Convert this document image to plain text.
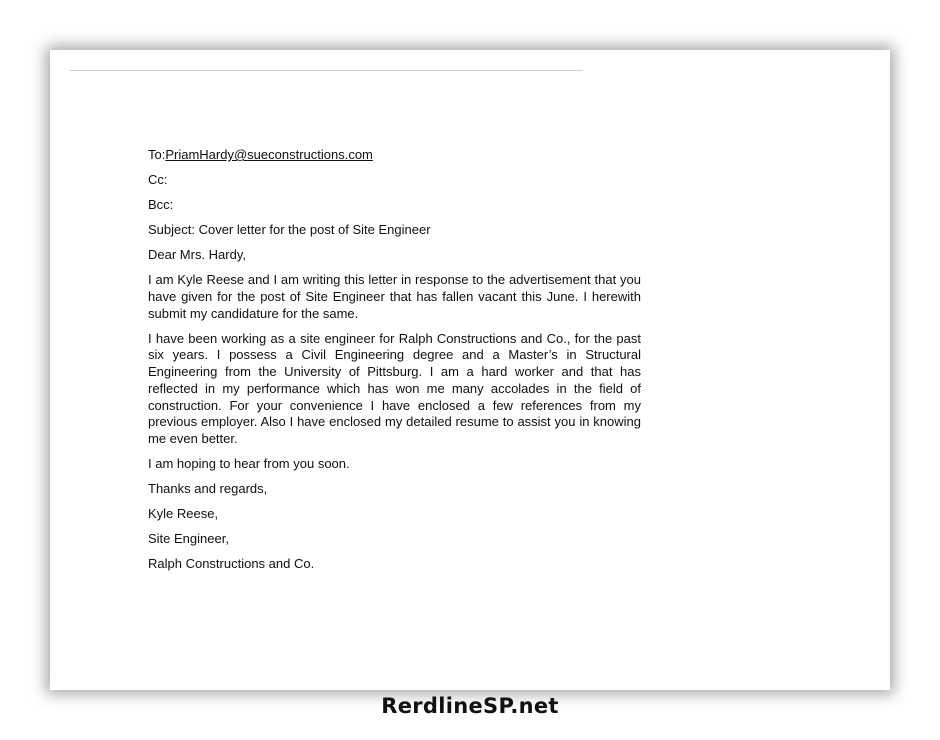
To:PriamHardy@sueconstructions.com

Cc:

Bcc:

Subject: Cover letter for the post of Site Engineer

Dear Mrs. Hardy,

I am Kyle Reese and I am writing this letter in response to the advertisement that you have given for the post of Site Engineer that has fallen vacant this June. I herewith submit my candidature for the same.

I have been working as a site engineer for Ralph Constructions and Co., for the past six years. I possess a Civil Engineering degree and a Master’s in Structural Engineering from the University of Pittsburg. I am a hard worker and that has reflected in my performance which has won me many accolades in the field of construction. For your convenience I have enclosed a few references from my previous employer. Also I have enclosed my detailed resume to assist you in knowing me even better.

I am hoping to hear from you soon.

Thanks and regards,

Kyle Reese,

Site Engineer,

Ralph Constructions and Co.

RerdlineSP.net
